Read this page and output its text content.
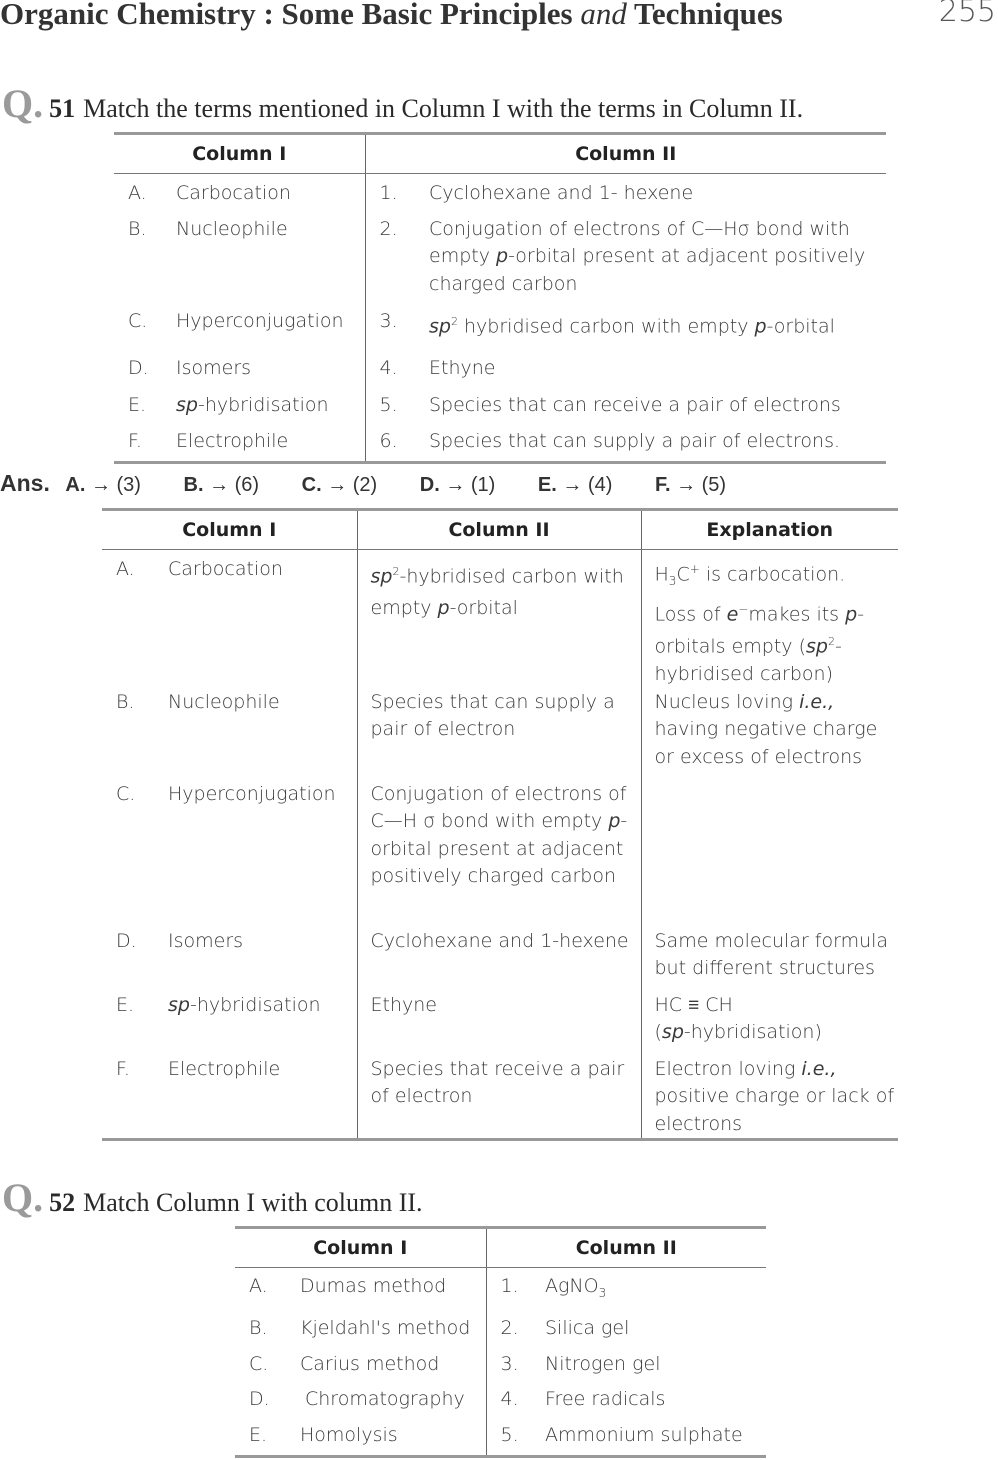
Organic Chemistry : Some Basic Principles and Techniques	255
Q. 51 Match the terms mentioned in Column I with the terms in Column II.
Column I		Column II	
A.	Carbocation	1.	Cyclohexane and 1- hexene
B.	Nucleophile	2.	Conjugation of electrons of C—Hσ bond with empty p-orbital present at adjacent positively charged carbon
C.	Hyperconjugation	3.	$sp^2$ hybridised carbon with empty p-orbital
D.	Isomers	4.	Ethyne
E.	sp-hybridisation	5.	Species that can receive a pair of electrons
F.	Electrophile	6.	Species that can supply a pair of electrons.
Ans. A. → (3) B. → (6) C. → (2) D. → (1) E. → (4) F. → (5)
Column I		Column II	Explanation
A.	Carbocation	$sp^2$-hybridised carbon with empty p-orbital	$H_3C^+$ is carbocation.
Loss of e−makes its p-orbitals empty ($sp^2$-hybridised carbon)
B.	Nucleophile	Species that can supply a pair of electron	Nucleus loving i.e., having negative charge or excess of electrons
C.	Hyperconjugation	Conjugation of electrons of C—H σ bond with empty p-orbital present at adjacent positively charged carbon	
D.	Isomers	Cyclohexane and 1-hexene	Same molecular formula but different structures
E.	sp-hybridisation	Ethyne	HC ≡ CH
(sp-hybridisation)
F.	Electrophile	Species that receive a pair of electron	Electron loving i.e., positive charge or lack of electrons
Q. 52 Match Column I with column II.
Column I		Column II	
A.	Dumas method	1.	AgNO$_3$
B.	Kjeldahl's method	2.	Silica gel
C.	Carius method	3.	Nitrogen gel
D.	Chromatography	4.	Free radicals
E.	Homolysis	5.	Ammonium sulphate
